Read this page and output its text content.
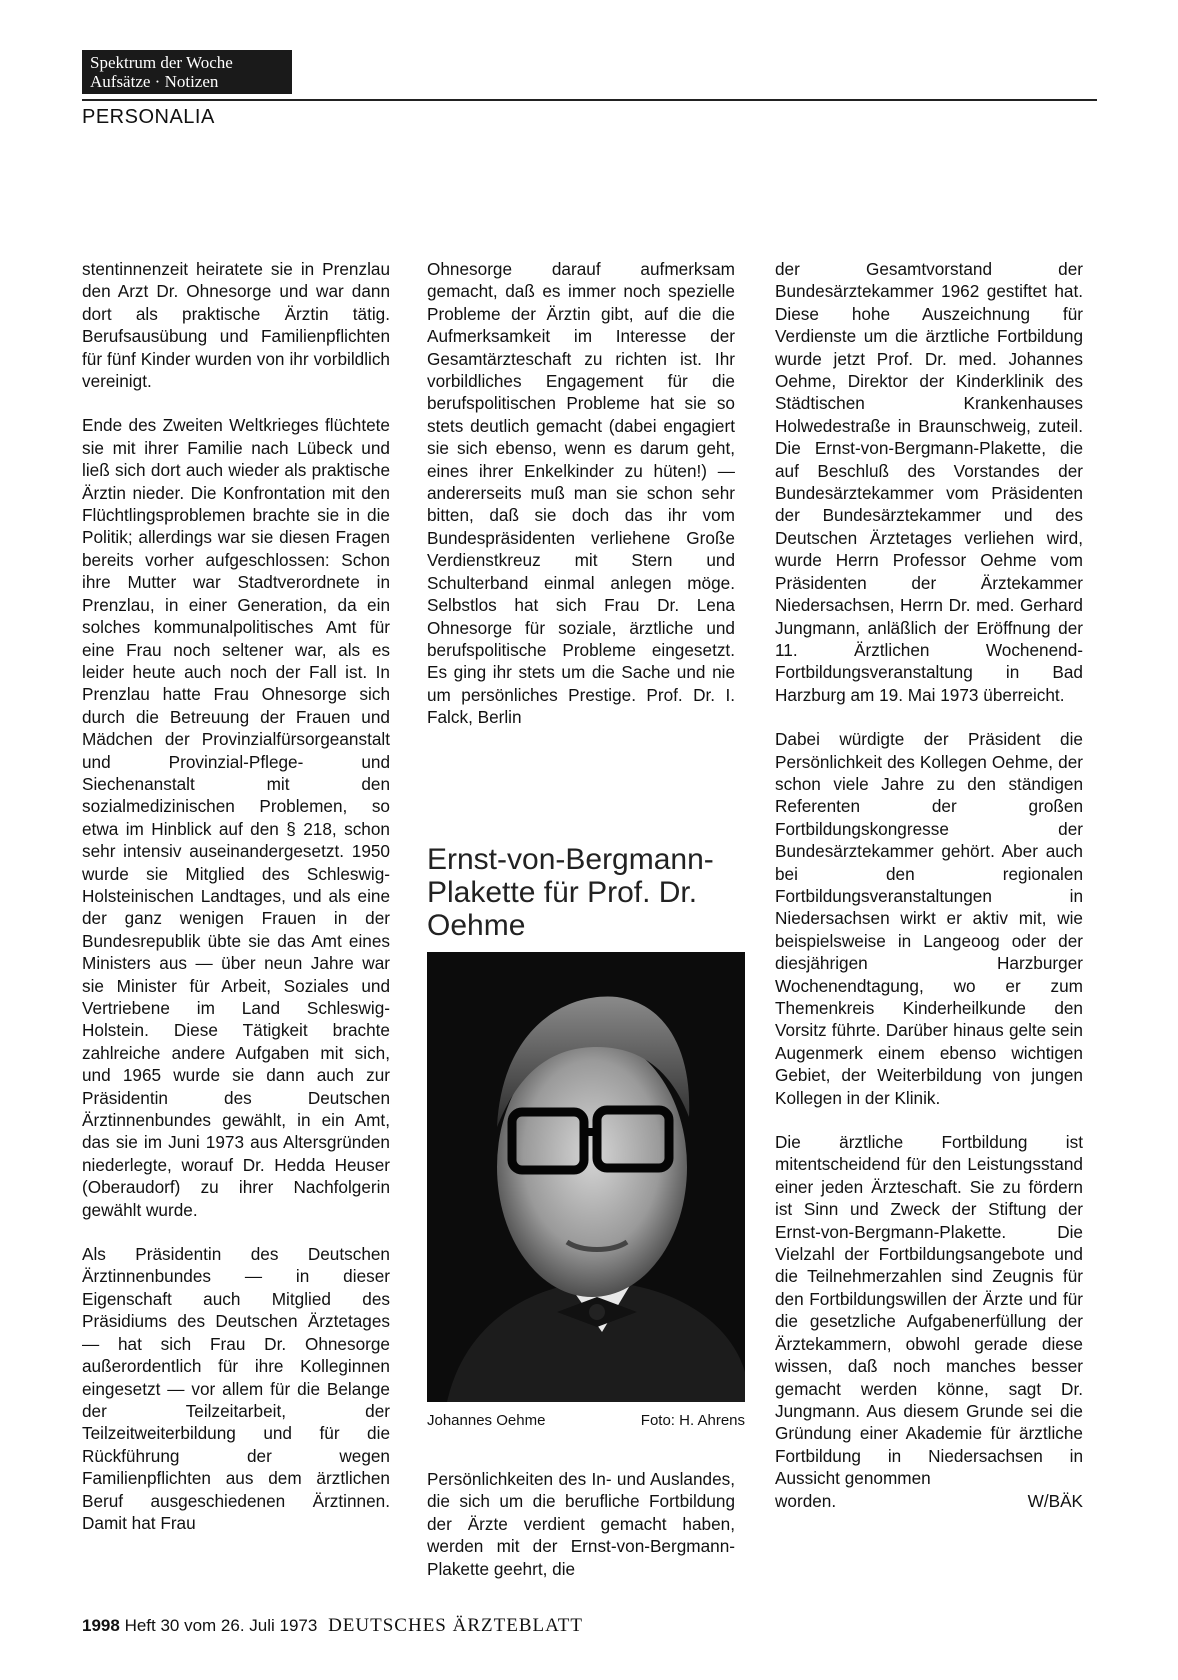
Spektrum der Woche
Aufsätze · Notizen
PERSONALIA

stentinnenzeit heiratete sie in Prenzlau den Arzt Dr. Ohnesorge und war dann dort als praktische Ärztin tätig. Berufsausübung und Familienpflichten für fünf Kinder wurden von ihr vorbildlich vereinigt.

Ende des Zweiten Weltkrieges flüchtete sie mit ihrer Familie nach Lübeck und ließ sich dort auch wieder als praktische Ärztin nieder. Die Konfrontation mit den Flüchtlingsproblemen brachte sie in die Politik; allerdings war sie diesen Fragen bereits vorher aufgeschlossen: Schon ihre Mutter war Stadtverordnete in Prenzlau, in einer Generation, da ein solches kommunalpolitisches Amt für eine Frau noch seltener war, als es leider heute auch noch der Fall ist. In Prenzlau hatte Frau Ohnesorge sich durch die Betreuung der Frauen und Mädchen der Provinzialfürsorgeanstalt und Provinzial-Pflege- und Siechenanstalt mit den sozialmedizinischen Problemen, so etwa im Hinblick auf den § 218, schon sehr intensiv auseinandergesetzt. 1950 wurde sie Mitglied des Schleswig-Holsteinischen Landtages, und als eine der ganz wenigen Frauen in der Bundesrepublik übte sie das Amt eines Ministers aus — über neun Jahre war sie Minister für Arbeit, Soziales und Vertriebene im Land Schleswig-Holstein. Diese Tätigkeit brachte zahlreiche andere Aufgaben mit sich, und 1965 wurde sie dann auch zur Präsidentin des Deutschen Ärztinnenbundes gewählt, in ein Amt, das sie im Juni 1973 aus Altersgründen niederlegte, worauf Dr. Hedda Heuser (Oberaudorf) zu ihrer Nachfolgerin gewählt wurde.

Als Präsidentin des Deutschen Ärztinnenbundes — in dieser Eigenschaft auch Mitglied des Präsidiums des Deutschen Ärztetages — hat sich Frau Dr. Ohnesorge außerordentlich für ihre Kolleginnen eingesetzt — vor allem für die Belange der Teilzeitarbeit, der Teilzeitweiterbildung und für die Rückführung der wegen Familienpflichten aus dem ärztlichen Beruf ausgeschiedenen Ärztinnen. Damit hat Frau

Ohnesorge darauf aufmerksam gemacht, daß es immer noch spezielle Probleme der Ärztin gibt, auf die die Aufmerksamkeit im Interesse der Gesamtärzteschaft zu richten ist. Ihr vorbildliches Engagement für die berufspolitischen Probleme hat sie so stets deutlich gemacht (dabei engagiert sie sich ebenso, wenn es darum geht, eines ihrer Enkelkinder zu hüten!) — andererseits muß man sie schon sehr bitten, daß sie doch das ihr vom Bundespräsidenten verliehene Große Verdienstkreuz mit Stern und Schulterband einmal anlegen möge. Selbstlos hat sich Frau Dr. Lena Ohnesorge für soziale, ärztliche und berufspolitische Probleme eingesetzt. Es ging ihr stets um die Sache und nie um persönliches Prestige. Prof. Dr. I. Falck, Berlin

Ernst-von-Bergmann-Plakette für Prof. Dr. Oehme
Johannes Oehme	Foto: H. Ahrens

Persönlichkeiten des In- und Auslandes, die sich um die berufliche Fortbildung der Ärzte verdient gemacht haben, werden mit der Ernst-von-Bergmann-Plakette geehrt, die

der Gesamtvorstand der Bundesärztekammer 1962 gestiftet hat. Diese hohe Auszeichnung für Verdienste um die ärztliche Fortbildung wurde jetzt Prof. Dr. med. Johannes Oehme, Direktor der Kinderklinik des Städtischen Krankenhauses Holwedestraße in Braunschweig, zuteil. Die Ernst-von-Bergmann-Plakette, die auf Beschluß des Vorstandes der Bundesärztekammer vom Präsidenten der Bundesärztekammer und des Deutschen Ärztetages verliehen wird, wurde Herrn Professor Oehme vom Präsidenten der Ärztekammer Niedersachsen, Herrn Dr. med. Gerhard Jungmann, anläßlich der Eröffnung der 11. Ärztlichen Wochenend-Fortbildungsveranstaltung in Bad Harzburg am 19. Mai 1973 überreicht.

Dabei würdigte der Präsident die Persönlichkeit des Kollegen Oehme, der schon viele Jahre zu den ständigen Referenten der großen Fortbildungskongresse der Bundesärztekammer gehört. Aber auch bei den regionalen Fortbildungsveranstaltungen in Niedersachsen wirkt er aktiv mit, wie beispielsweise in Langeoog oder der diesjährigen Harzburger Wochenendtagung, wo er zum Themenkreis Kinderheilkunde den Vorsitz führte. Darüber hinaus gelte sein Augenmerk einem ebenso wichtigen Gebiet, der Weiterbildung von jungen Kollegen in der Klinik.

Die ärztliche Fortbildung ist mitentscheidend für den Leistungsstand einer jeden Ärzteschaft. Sie zu fördern ist Sinn und Zweck der Stiftung der Ernst-von-Bergmann-Plakette. Die Vielzahl der Fortbildungsangebote und die Teilnehmerzahlen sind Zeugnis für den Fortbildungswillen der Ärzte und für die gesetzliche Aufgabenerfüllung der Ärztekammern, obwohl gerade diese wissen, daß noch manches besser gemacht werden könne, sagt Dr. Jungmann. Aus diesem Grunde sei die Gründung einer Akademie für ärztliche Fortbildung in Niedersachsen in Aussicht genommen
worden.	W/BÄK

1998 Heft 30 vom 26. Juli 1973 DEUTSCHES ÄRZTEBLATT
